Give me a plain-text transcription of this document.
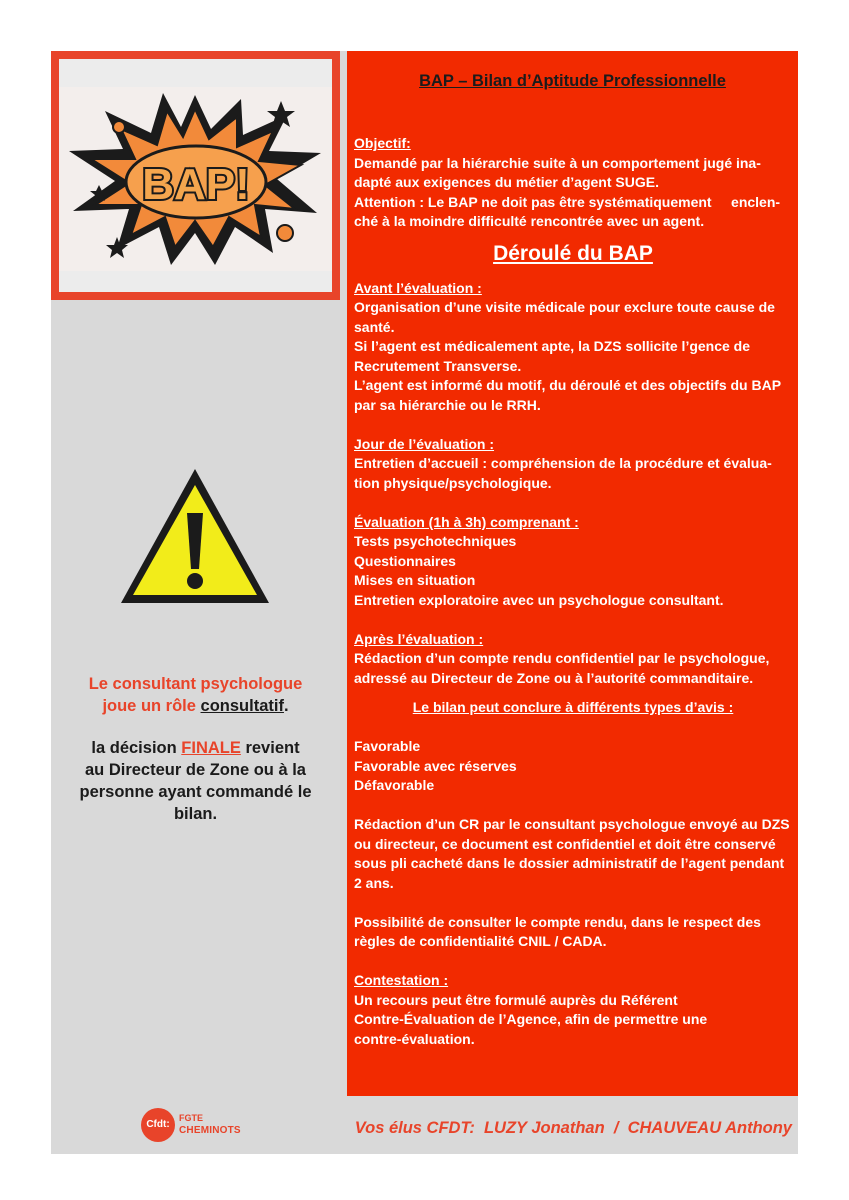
BAP!
Le consultant psychologue
joue un rôle consultatif.
la décision FINALE revient
au Directeur de Zone ou à la
personne ayant commandé le
bilan.
BAP – Bilan d’Aptitude Professionnelle
Objectif:
Demandé par la hiérarchie suite à un comportement jugé ina-
dapté aux exigences du métier d’agent SUGE.
Attention : Le BAP ne doit pas être systématiquement     enclen-
ché à la moindre difficulté rencontrée avec un agent.
Déroulé du BAP
Avant l’évaluation :
Organisation d’une visite médicale pour exclure toute cause de
santé.
Si l’agent est médicalement apte, la DZS sollicite l’gence de
Recrutement Transverse.
L’agent est informé du motif, du déroulé et des objectifs du BAP
par sa hiérarchie ou le RRH.
Jour de l’évaluation :
Entretien d’accueil : compréhension de la procédure et évalua-
tion physique/psychologique.
Évaluation (1h à 3h) comprenant :
Tests psychotechniques
Questionnaires
Mises en situation
Entretien exploratoire avec un psychologue consultant.
Après l’évaluation :
Rédaction d’un compte rendu confidentiel par le psychologue,
adressé au Directeur de Zone ou à l’autorité commanditaire.
Le bilan peut conclure à différents types d’avis :
Favorable
Favorable avec réserves
Défavorable
Rédaction d’un CR par le consultant psychologue envoyé au DZS
ou directeur, ce document est confidentiel et doit être conservé
sous pli cacheté dans le dossier administratif de l’agent pendant
2 ans.
Possibilité de consulter le compte rendu, dans le respect des
règles de confidentialité CNIL / CADA.
Contestation :
Un recours peut être formulé auprès du Référent
Contre-Évaluation de l’Agence, afin de permettre une
contre-évaluation.
Cfdt:
FGTE
CHEMINOTS	Vos élus CFDT:  LUZY Jonathan  /  CHAUVEAU Anthony
